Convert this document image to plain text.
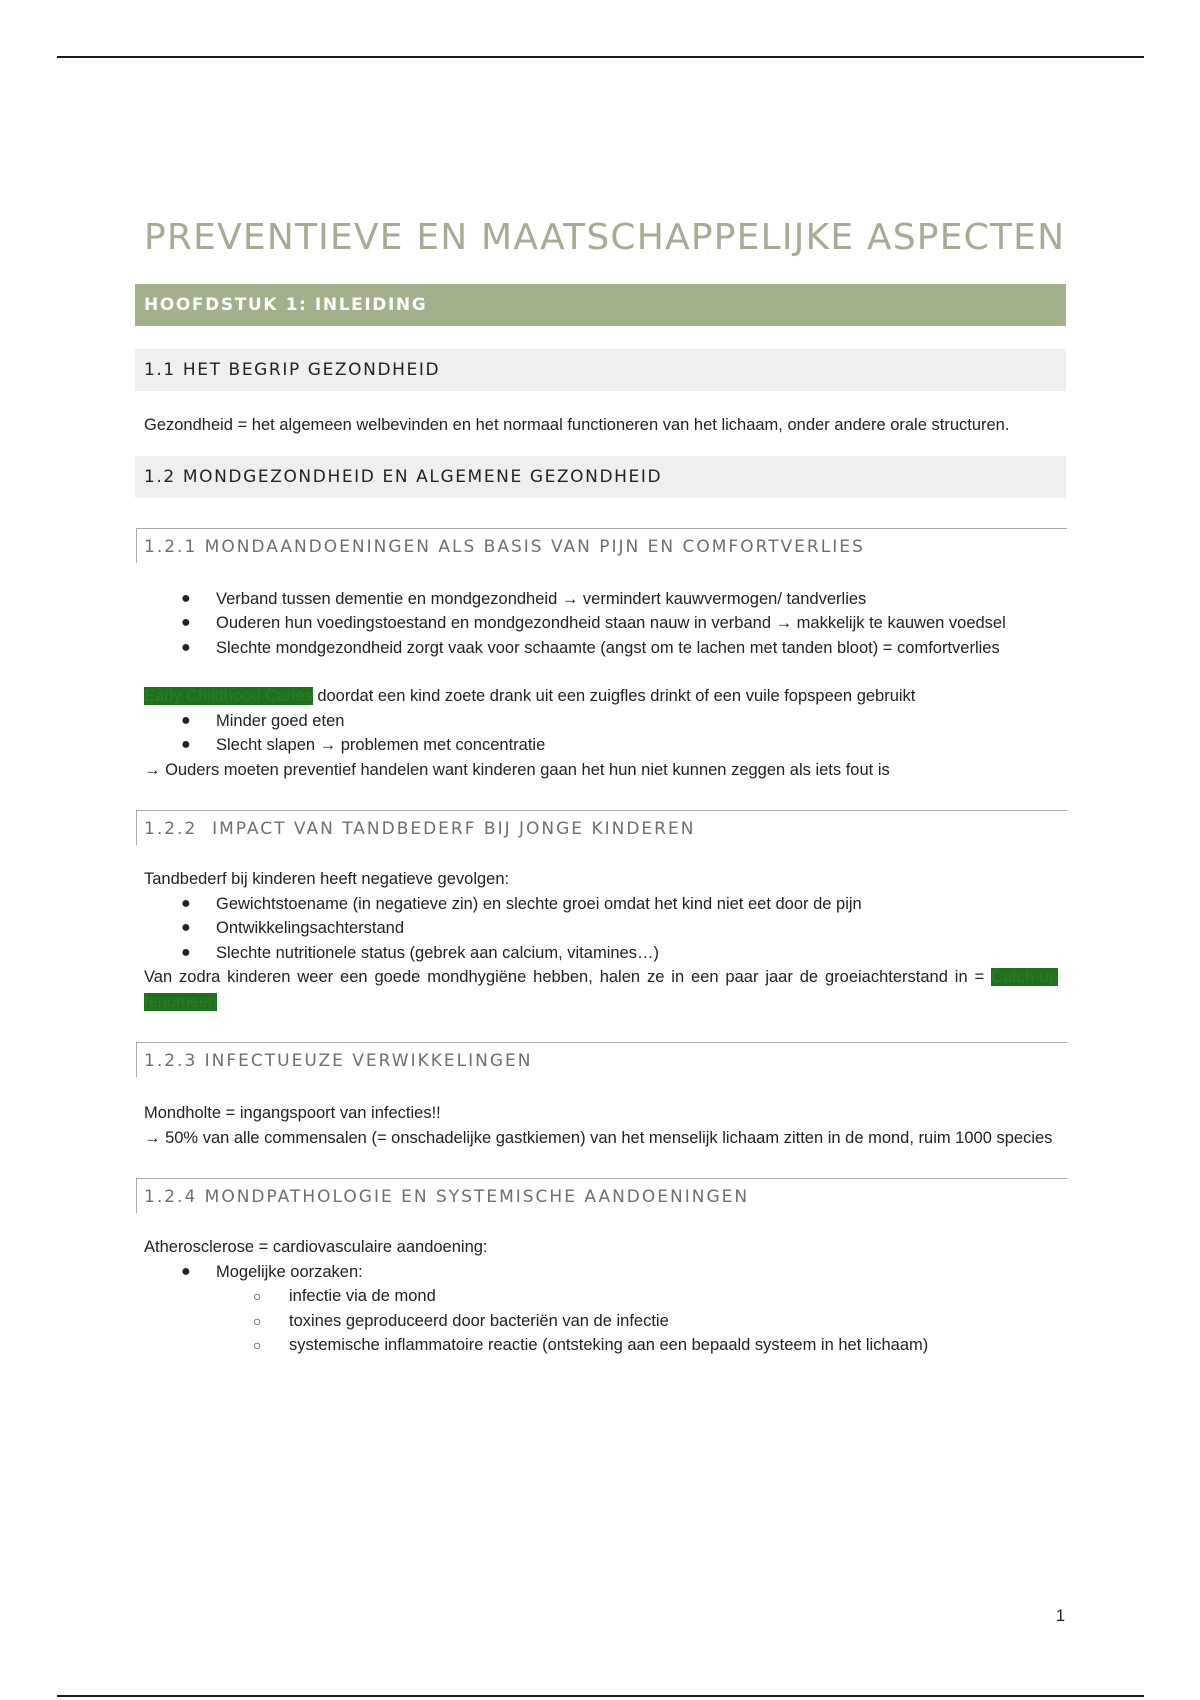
PREVENTIEVE EN MAATSCHAPPELIJKE ASPECTEN
HOOFDSTUK 1: INLEIDING
1.1 HET BEGRIP GEZONDHEID

Gezondheid = het algemeen welbevinden en het normaal functioneren van het lichaam, onder andere orale structuren.

1.2 MONDGEZONDHEID EN ALGEMENE GEZONDHEID
1.2.1 MONDAANDOENINGEN ALS BASIS VAN PIJN EN COMFORTVERLIES
● Verband tussen dementie en mondgezondheid → vermindert kauwvermogen/ tandverlies
● Ouderen hun voedingstoestand en mondgezondheid staan nauw in verband → makkelijk te kauwen voedsel
● Slechte mondgezondheid zorgt vaak voor schaamte (angst om te lachen met tanden bloot) = comfortverlies

Early Childhood Caries doordat een kind zoete drank uit een zuigfles drinkt of een vuile fopspeen gebruikt

● Minder goed eten
● Slecht slapen → problemen met concentratie

→ Ouders moeten preventief handelen want kinderen gaan het hun niet kunnen zeggen als iets fout is

1.2.2  IMPACT VAN TANDBEDERF BIJ JONGE KINDEREN

Tandbederf bij kinderen heeft negatieve gevolgen:

● Gewichtstoename (in negatieve zin) en slechte groei omdat het kind niet eet door de pijn
● Ontwikkelingsachterstand
● Slechte nutritionele status (gebrek aan calcium, vitamines…)

Van zodra kinderen weer een goede mondhygiëne hebben, halen ze in een paar jaar de groeiachterstand in = Catch-up fenomeen

1.2.3 INFECTUEUZE VERWIKKELINGEN

Mondholte = ingangspoort van infecties!!

→ 50% van alle commensalen (= onschadelijke gastkiemen) van het menselijk lichaam zitten in de mond, ruim 1000 species

1.2.4 MONDPATHOLOGIE EN SYSTEMISCHE AANDOENINGEN

Atherosclerose = cardiovasculaire aandoening:

● Mogelijke oorzaken:
○ infectie via de mond
○ toxines geproduceerd door bacteriën van de infectie
○ systemische inflammatoire reactie (ontsteking aan een bepaald systeem in het lichaam)
1
